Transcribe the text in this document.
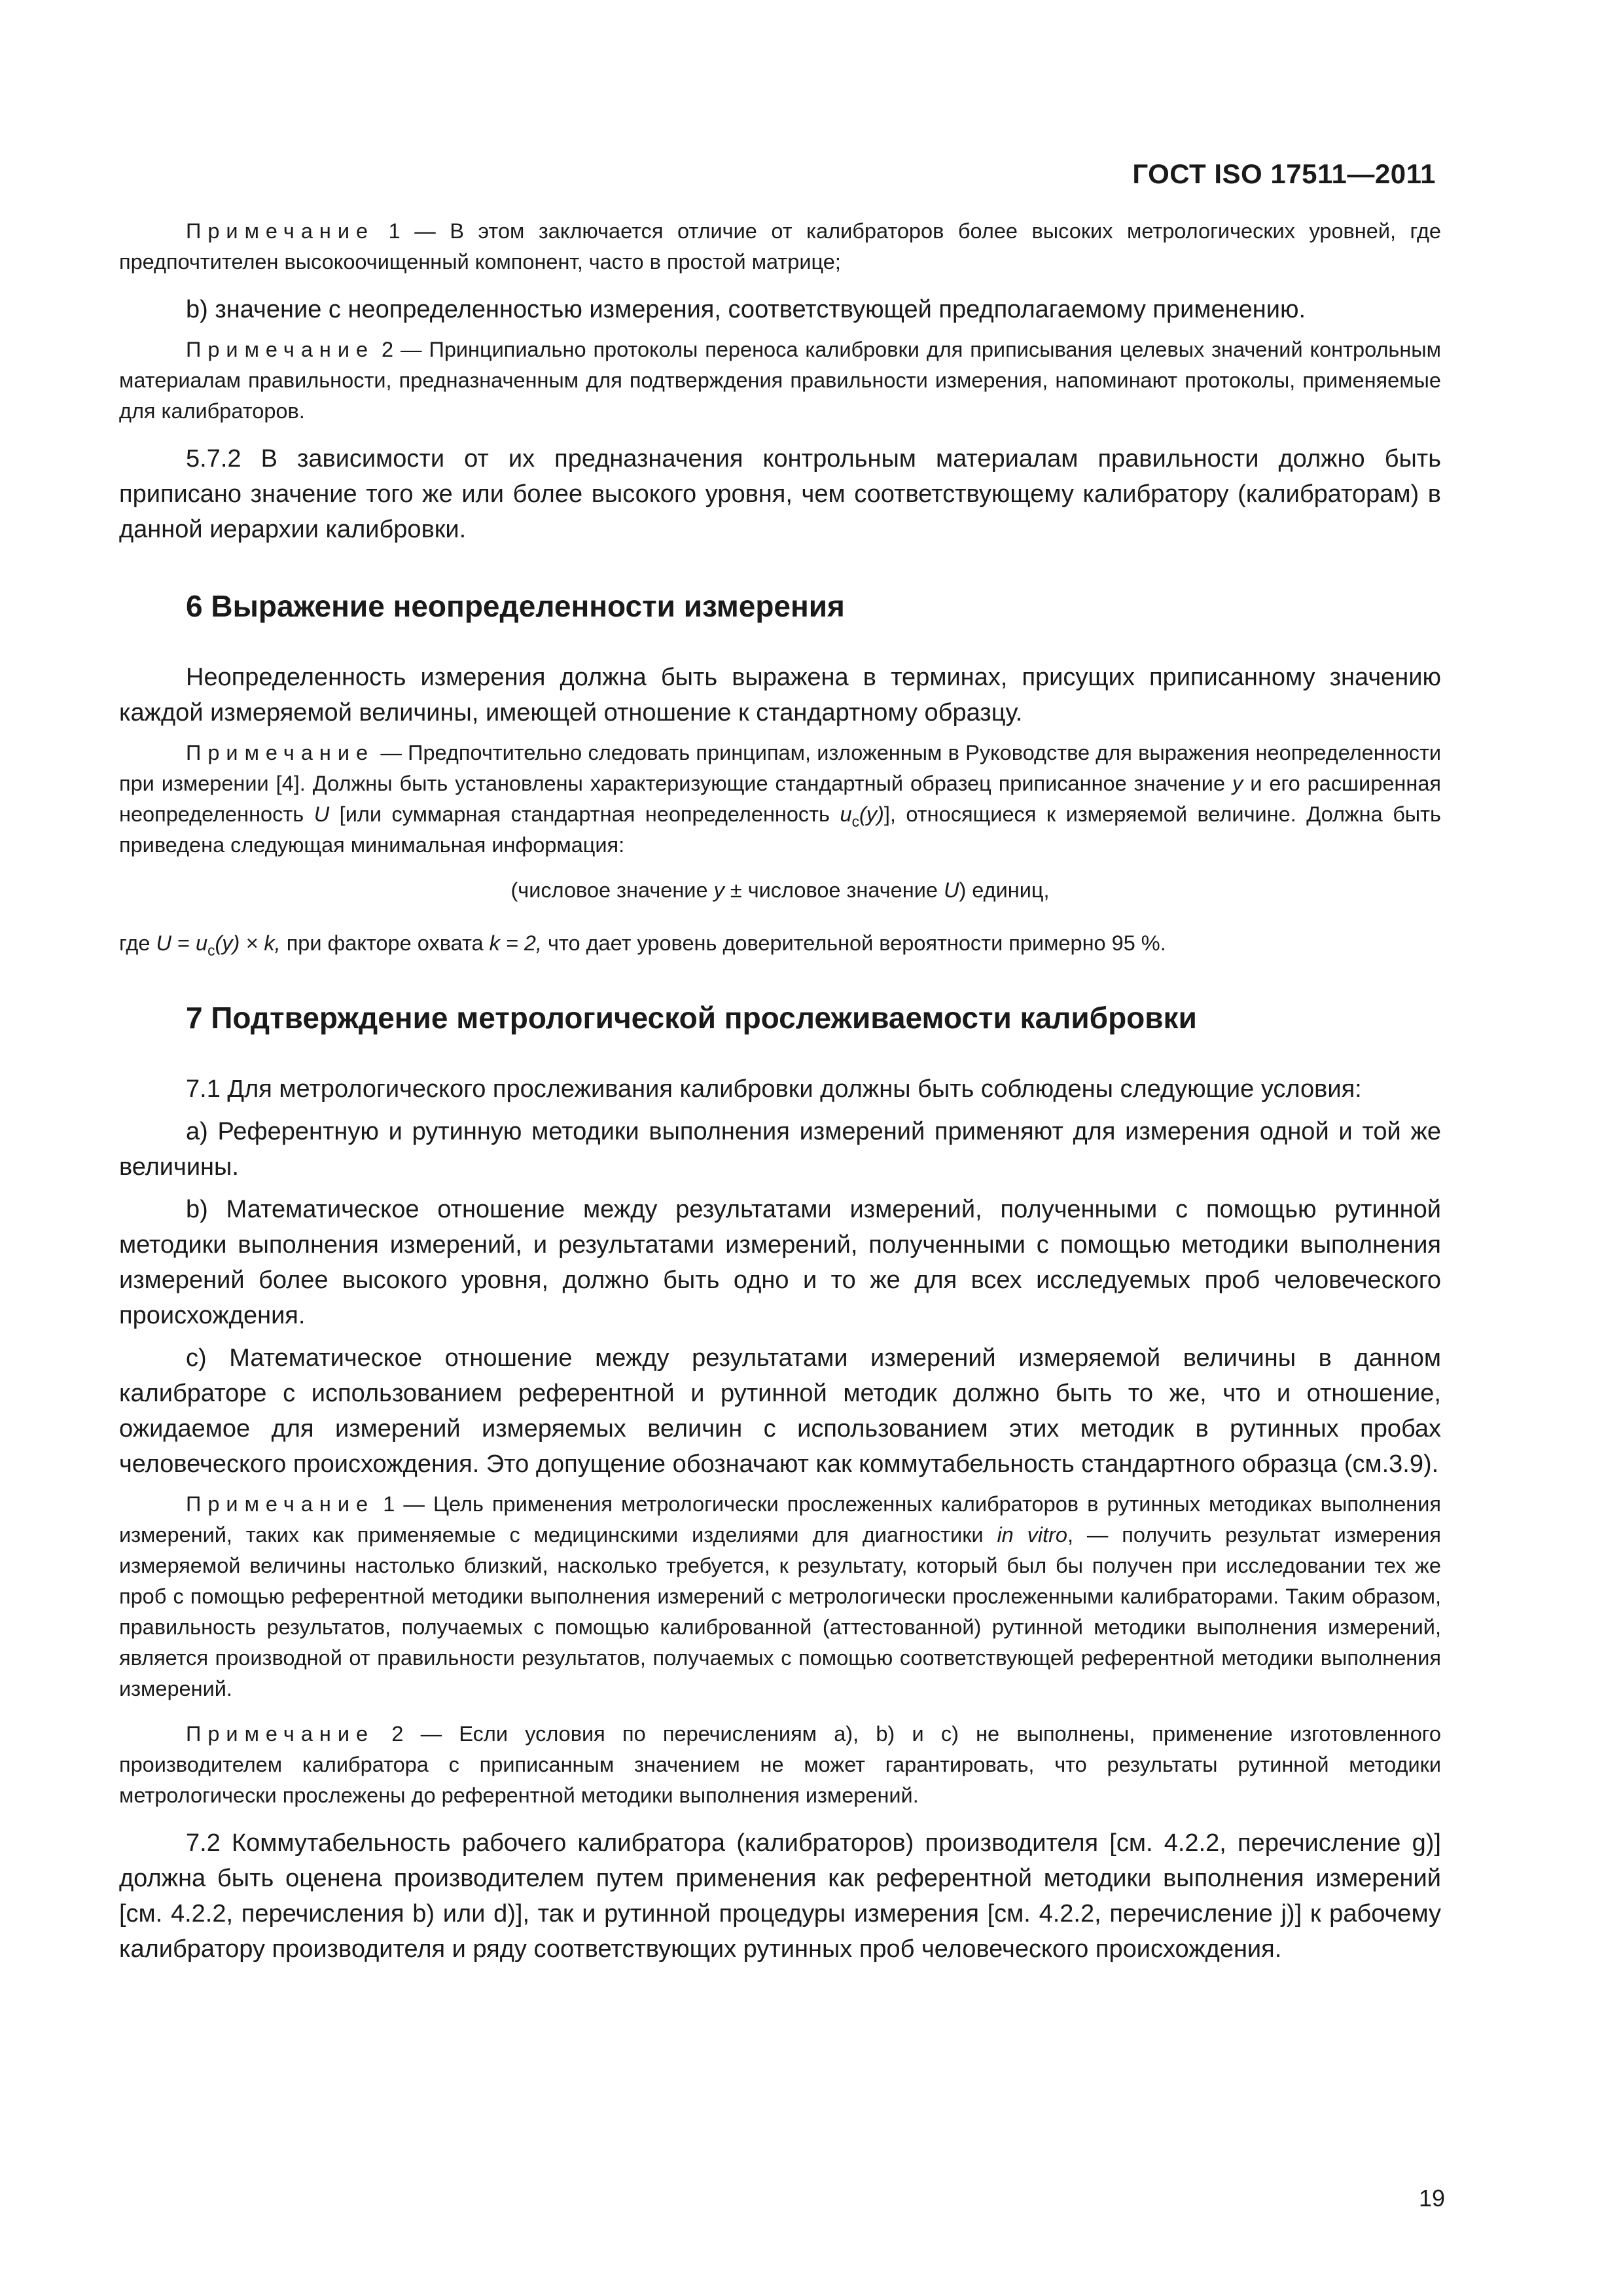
ГОСТ ISO 17511—2011

Примечание 1 — В этом заключается отличие от калибраторов более высоких метрологических уровней, где предпочтителен высокоочищенный компонент, часто в простой матрице;

b) значение с неопределенностью измерения, соответствующей предполагаемому применению.

Примечание 2 — Принципиально протоколы переноса калибровки для приписывания целевых значений контрольным материалам правильности, предназначенным для подтверждения правильности измерения, напоминают протоколы, применяемые для калибраторов.

5.7.2 В зависимости от их предназначения контрольным материалам правильности должно быть приписано значение того же или более высокого уровня, чем соответствующему калибратору (калибраторам) в данной иерархии калибровки.

6 Выражение неопределенности измерения

Неопределенность измерения должна быть выражена в терминах, присущих приписанному значению каждой измеряемой величины, имеющей отношение к стандартному образцу.

Примечание — Предпочтительно следовать принципам, изложенным в Руководстве для выражения неопределенности при измерении [4]. Должны быть установлены характеризующие стандартный образец приписанное значение y и его расширенная неопределенность U [или суммарная стандартная неопределенность $u_c(y)$], относящиеся к измеряемой величине. Должна быть приведена следующая минимальная информация:

(числовое значение y ± числовое значение U) единиц,

где $U = u_c(y) \times k$, при факторе охвата k = 2, что дает уровень доверительной вероятности примерно 95 %.

7 Подтверждение метрологической прослеживаемости калибровки

7.1 Для метрологического прослеживания калибровки должны быть соблюдены следующие условия:

а) Референтную и рутинную методики выполнения измерений применяют для измерения одной и той же величины.

b) Математическое отношение между результатами измерений, полученными с помощью рутинной методики выполнения измерений, и результатами измерений, полученными с помощью методики выполнения измерений более высокого уровня, должно быть одно и то же для всех исследуемых проб человеческого происхождения.

с) Математическое отношение между результатами измерений измеряемой величины в данном калибраторе с использованием референтной и рутинной методик должно быть то же, что и отношение, ожидаемое для измерений измеряемых величин с использованием этих методик в рутинных пробах человеческого происхождения. Это допущение обозначают как коммутабельность стандартного образца (см.3.9).

Примечание 1 — Цель применения метрологически прослеженных калибраторов в рутинных методиках выполнения измерений, таких как применяемые с медицинскими изделиями для диагностики in vitro, — получить результат измерения измеряемой величины настолько близкий, насколько требуется, к результату, который был бы получен при исследовании тех же проб с помощью референтной методики выполнения измерений с метрологически прослеженными калибраторами. Таким образом, правильность результатов, получаемых с помощью калиброванной (аттестованной) рутинной методики выполнения измерений, является производной от правильности результатов, получаемых с помощью соответствующей референтной методики выполнения измерений.

Примечание 2 — Если условия по перечислениям а), b) и с) не выполнены, применение изготовленного производителем калибратора с приписанным значением не может гарантировать, что результаты рутинной методики метрологически прослежены до референтной методики выполнения измерений.

7.2 Коммутабельность рабочего калибратора (калибраторов) производителя [см. 4.2.2, перечисление g)] должна быть оценена производителем путем применения как референтной методики выполнения измерений [см. 4.2.2, перечисления b) или d)], так и рутинной процедуры измерения [см. 4.2.2, перечисление j)] к рабочему калибратору производителя и ряду соответствующих рутинных проб человеческого происхождения.

19
